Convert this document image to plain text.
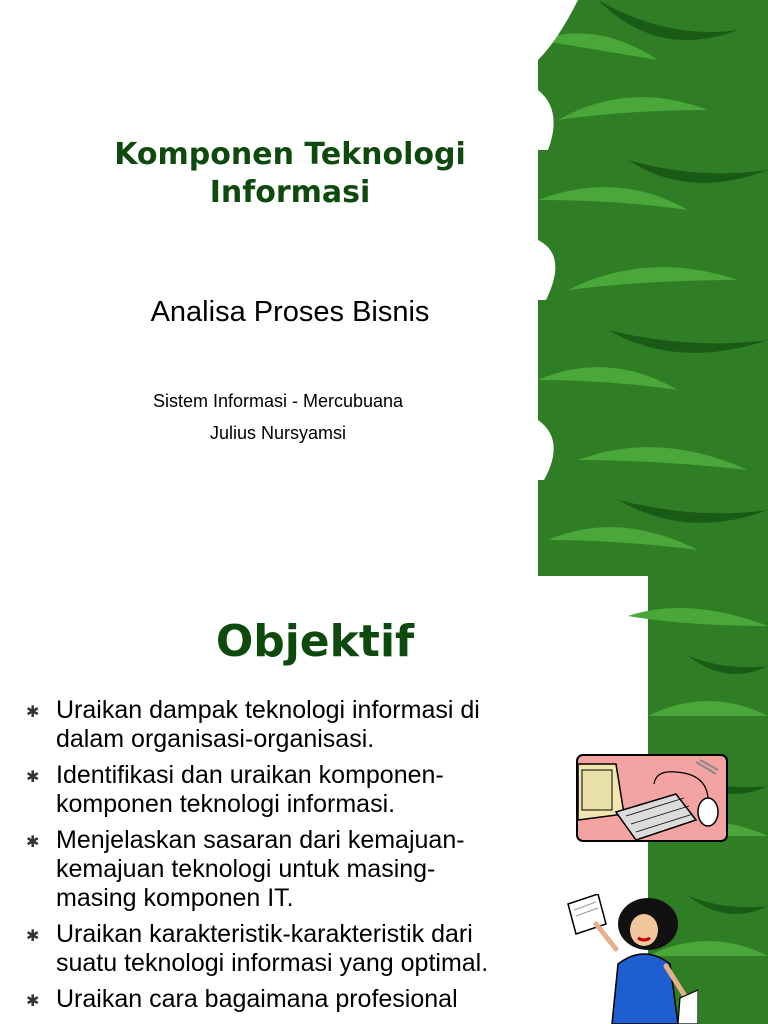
Komponen Teknologi
Informasi
Analisa Proses Bisnis
Sistem Informasi - Mercubuana
Julius Nursyamsi
Objektif
✱ Uraikan dampak teknologi informasi di
dalam organisasi-organisasi.
✱ Identifikasi dan uraikan komponen-
komponen teknologi informasi.
✱ Menjelaskan sasaran dari kemajuan-
kemajuan teknologi untuk masing-
masing komponen IT.
✱ Uraikan karakteristik-karakteristik dari
suatu teknologi informasi yang optimal.
✱ Uraikan cara bagaimana profesional
